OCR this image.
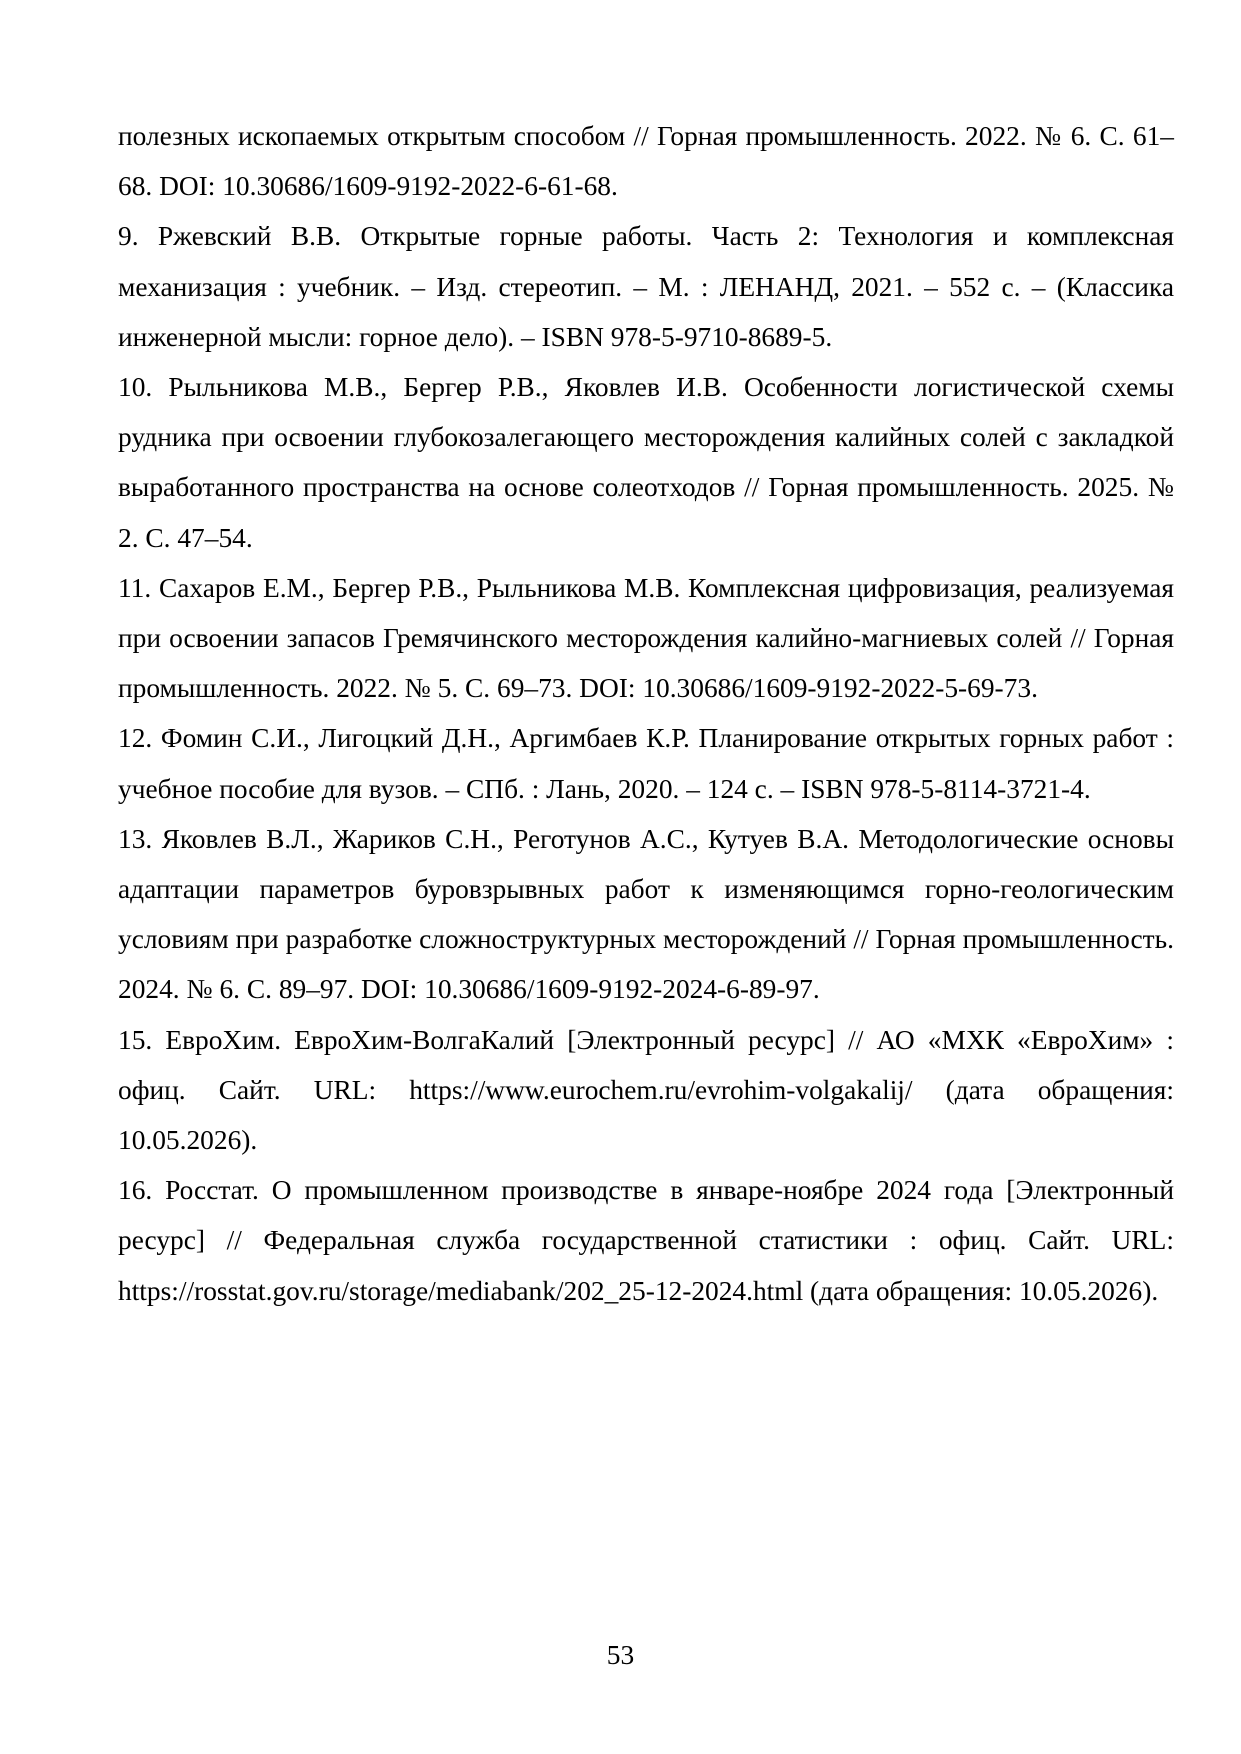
полезных ископаемых открытым способом // Горная промышленность. 2022. № 6. С. 61–68. DOI: 10.30686/1609-9192-2022-6-61-68.

9. Ржевский В.В. Открытые горные работы. Часть 2: Технология и комплексная механизация : учебник. – Изд. стереотип. – М. : ЛЕНАНД, 2021. – 552 с. – (Классика инженерной мысли: горное дело). – ISBN 978-5-9710-8689-5.

10. Рыльникова М.В., Бергер Р.В., Яковлев И.В. Особенности логистической схемы рудника при освоении глубокозалегающего месторождения калийных солей с закладкой выработанного пространства на основе солеотходов // Горная промышленность. 2025. № 2. С. 47–54.

11. Сахаров Е.М., Бергер Р.В., Рыльникова М.В. Комплексная цифровизация, реализуемая при освоении запасов Гремячинского месторождения калийно-магниевых солей // Горная промышленность. 2022. № 5. С. 69–73. DOI: 10.30686/1609-9192-2022-5-69-73.

12. Фомин С.И., Лигоцкий Д.Н., Аргимбаев К.Р. Планирование открытых горных работ : учебное пособие для вузов. – СПб. : Лань, 2020. – 124 с. – ISBN 978-5-8114-3721-4.

13. Яковлев В.Л., Жариков С.Н., Реготунов А.С., Кутуев В.А. Методологические основы адаптации параметров буровзрывных работ к изменяющимся горно-геологическим условиям при разработке сложноструктурных месторождений // Горная промышленность. 2024. № 6. С. 89–97. DOI: 10.30686/1609-9192-2024-6-89-97.

15. ЕвроХим. ЕвроХим-ВолгаКалий [Электронный ресурс] // АО «МХК «ЕвроХим» : офиц. Сайт. URL: https://www.eurochem.ru/evrohim-volgakalij/ (дата обращения: 10.05.2026).

16. Росстат. О промышленном производстве в январе-ноябре 2024 года [Электронный ресурс] // Федеральная служба государственной статистики : офиц. Сайт. URL: https://rosstat.gov.ru/storage/mediabank/202_25-12-2024.html (дата обращения: 10.05.2026).

53
